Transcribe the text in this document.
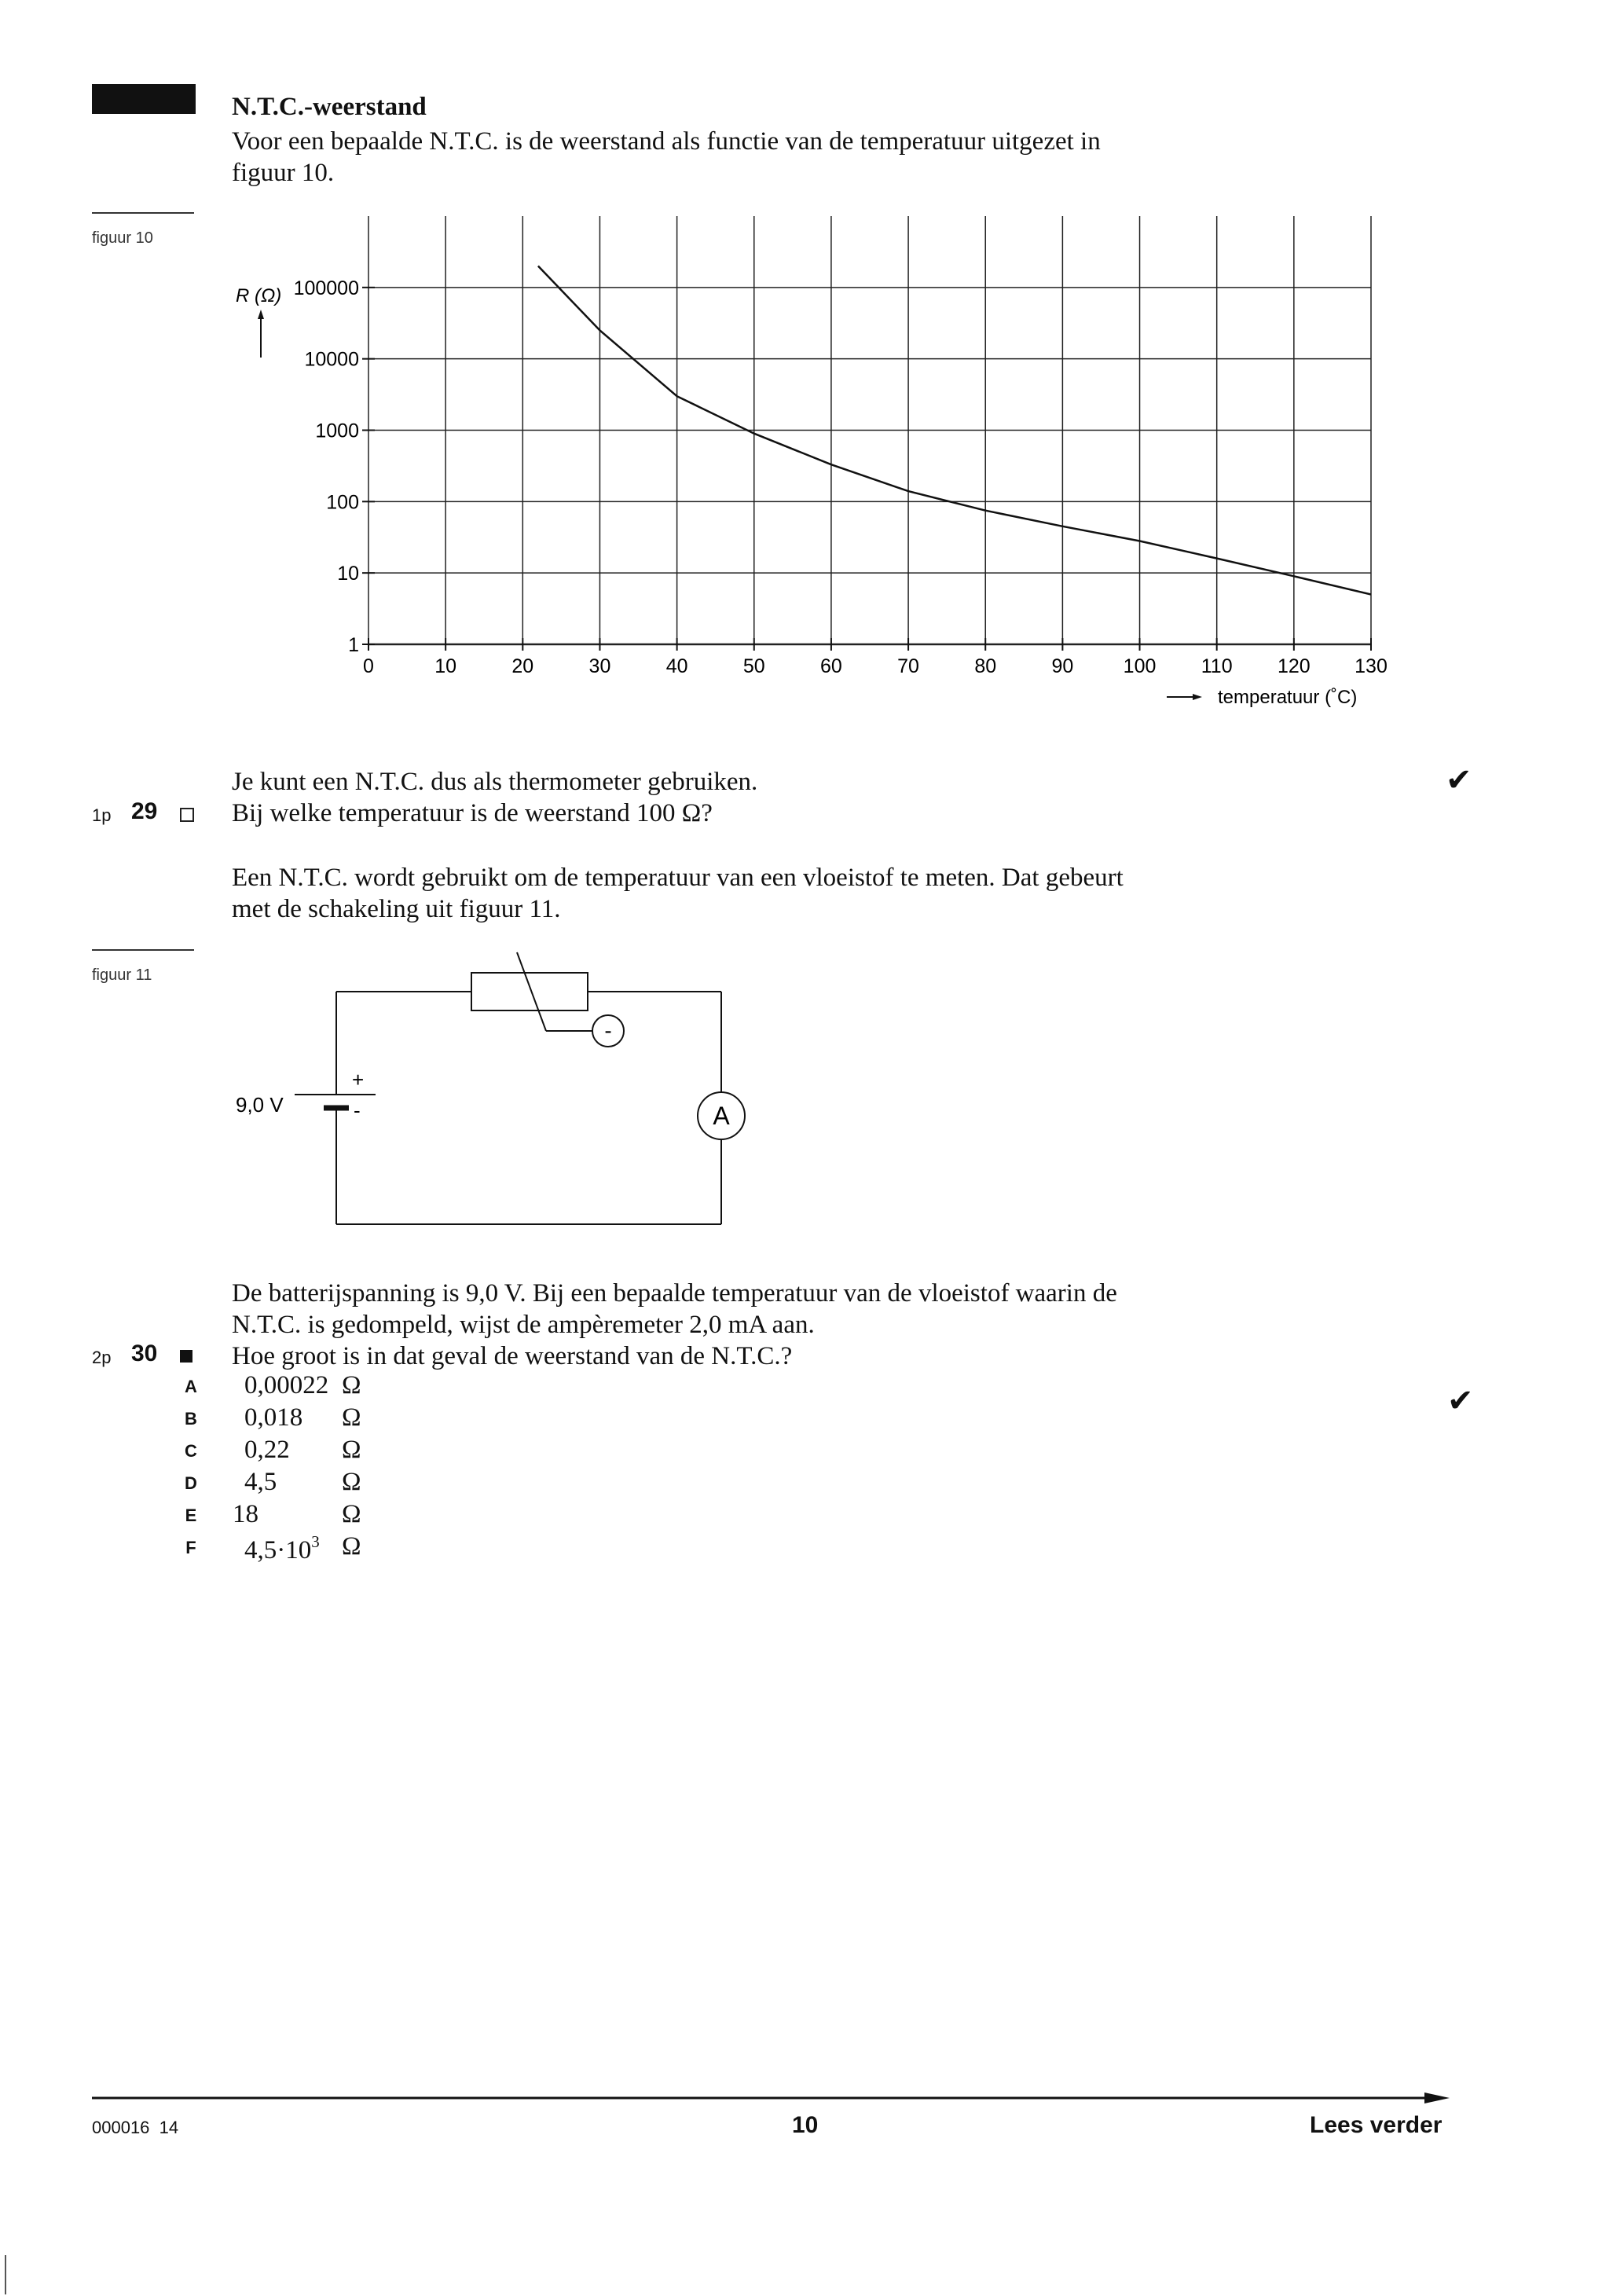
N.T.C.-weerstand
Voor een bepaalde N.T.C. is de weerstand als functie van de temperatuur uitgezet in
figuur 10.
figuur 10
0	10	20	30	40	50	60	70	80	90	100 110 120 130
1
10
100
1000
10000
100000
R (Ω)
temperatuur (˚C)
Je kunt een N.T.C. dus als thermometer gebruiken.
1p 29	Bij welke temperatuur is de weerstand 100 Ω?
✔
Een N.T.C. wordt gebruikt om de temperatuur van een vloeistof te meten. Dat gebeurt
met de schakeling uit figuur 11.
figuur 11
-
+
-
9,0 V	A
De batterijspanning is 9,0 V. Bij een bepaalde temperatuur van de vloeistof waarin de
N.T.C. is gedompeld, wijst de ampèremeter 2,0 mA aan.
2p 30	Hoe groot is in dat geval de weerstand van de N.T.C.?
✔
A 0,00022 Ω
B 0,018 Ω
C 0,22 Ω
D 4,5	Ω
E 18	Ω
F $4,5\cdot 10^3$ Ω
000016  14	10	Lees verder
